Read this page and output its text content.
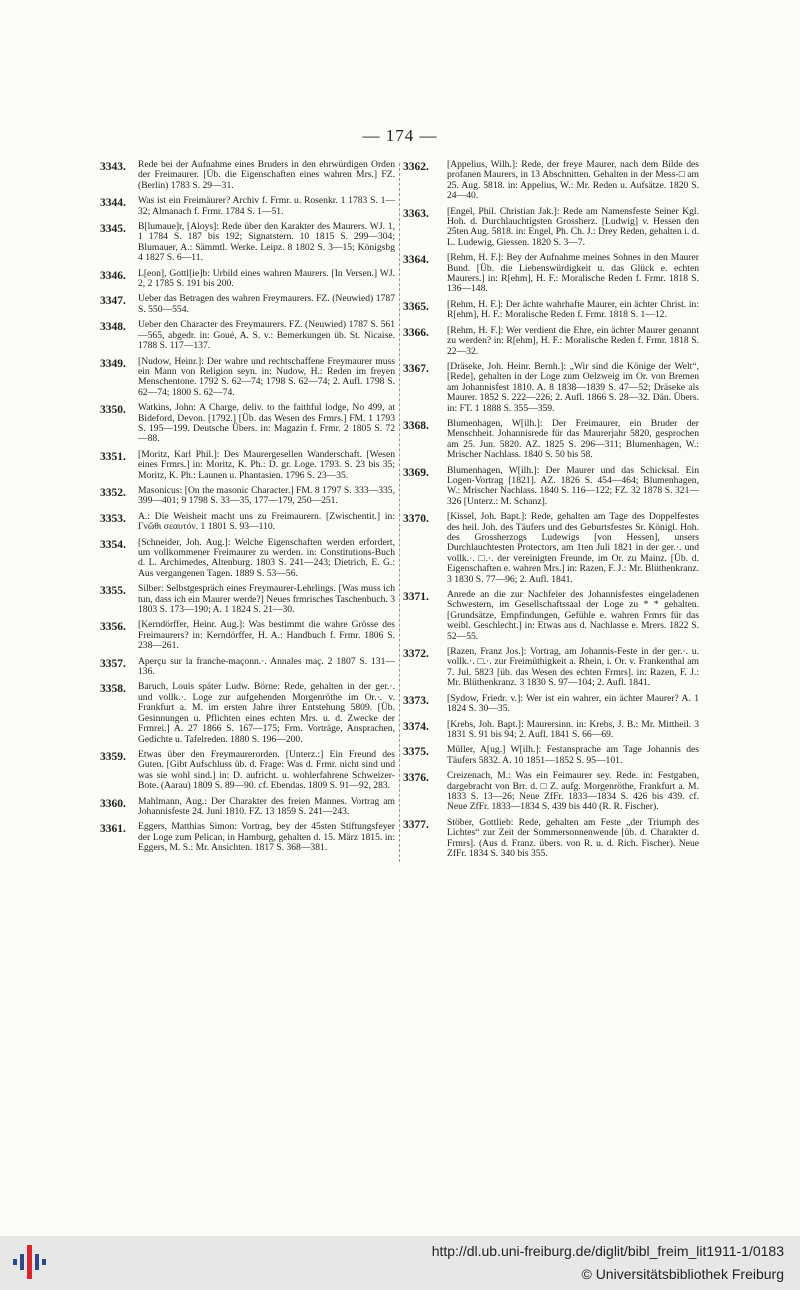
— 174 —
3343.	Rede bei der Aufnahme eines Bruders in den ehrwürdigen Orden der Freimaurer. [Üb. die Eigenschaften eines wahren Mrs.] FZ. (Berlin) 1783 S. 29—31.
3344.	Was ist ein Freimäurer? Archiv f. Frmr. u. Rosenkr. 1 1783 S. 1—32; Almanach f. Frmr. 1784 S. 1—51.
3345.	B[lumaue]r, [Aloys]: Rede über den Karakter des Maurers. WJ. 1, 1 1784 S. 187 bis 192; Signatstern. 10 1815 S. 299—304; Blumauer, A.: Sämmtl. Werke. Leipz. 8 1802 S. 3—15; Königsbg 4 1827 S. 6—11.
3346.	L[eon], Gottl[ie]b: Urbild eines wahren Maurers. [In Versen.] WJ. 2, 2 1785 S. 191 bis 200.
3347.	Ueber das Betragen des wahren Freymaurers. FZ. (Neuwied) 1787 S. 550—554.
3348.	Ueber den Character des Freymaurers. FZ. (Neuwied) 1787 S. 561—565, abgedr. in: Goué, A. S. v.: Bemerkungen üb. St. Nicaise. 1788 S. 117—137.
3349.	[Nudow, Heinr.]: Der wahre und rechtschaffene Freymaurer muss ein Mann von Religion seyn. in: Nudow, H.: Reden im freyen Menschentone. 1792 S. 62—74; 1798 S. 62—74; 2. Aufl. 1798 S. 62—74; 1800 S. 62—74.
3350.	Watkins, John: A Charge, deliv. to the faithful lodge, No 499, at Bideford, Devon. [1792.] [Üb. das Wesen des Frmrs.] FM. 1 1793 S. 195—199. Deutsche Übers. in: Magazin f. Frmr. 2 1805 S. 72—88.
3351.	[Moritz, Karl Phil.]: Des Maurergesellen Wanderschaft. [Wesen eines Frmrs.] in: Moritz, K. Ph.: D. gr. Loge. 1793. S. 23 bis 35; Moritz, K. Ph.: Launen u. Phantasien. 1796 S. 23—35.
3352.	Masonicus: [On the masonic Character.] FM. 8 1797 S. 333—335, 399—401; 9 1798 S. 33—35, 177—179, 250—251.
3353.	A.: Die Weisheit macht uns zu Freimaurern. [Zwischentit.] in: Γνῶθι σεαυτόν. 1 1801 S. 93—110.
3354.	[Schneider, Joh. Aug.]: Welche Eigenschaften werden erfordert, um vollkommener Freimaurer zu werden. in: Constitutions-Buch d. L. Archimedes, Altenburg. 1803 S. 241—243; Dietrich, E. G.: Aus vergangenen Tagen. 1889 S. 53—56.
3355.	Silber: Selbstgespräch eines Freymaurer-Lehrlings. [Was muss ich tun, dass ich ein Maurer werde?] Neues frmrisches Taschenbuch. 3 1803 S. 173—190; A. 1 1824 S. 21—30.
3356.	[Kerndörffer, Heinr. Aug.]: Was bestimmt die wahre Grösse des Freimaurers? in: Kerndörffer, H. A.: Handbuch f. Frmr. 1806 S. 238—261.
3357.	Aperçu sur la franche-maçonn.·. Annales maç. 2 1807 S. 131—136.
3358.	Baruch, Louis später Ludw. Börne: Rede, gehalten in der ger.·. und vollk.·. Loge zur aufgehenden Morgenröthe im Or.·. v. Frankfurt a. M. im ersten Jahre ihrer Entstehung 5809. [Üb. Gesinnungen u. Pflichten eines echten Mrs. u. d. Zwecke der Frmrei.] A. 27 1866 S. 167—175; Frm. Vorträge, Ansprachen, Gedichte u. Tafelreden. 1880 S. 196—200.
3359.	Etwas über den Freymaurerorden. [Unterz.:] Ein Freund des Guten. [Gibt Aufschluss üb. d. Frage: Was d. Frmr. nicht sind und was sie wohl sind.] in: D. aufricht. u. wohlerfahrene Schweizer-Bote. (Aarau) 1809 S. 89—90. cf. Ebendas. 1809 S. 91—92, 283.
3360.	Mahlmann, Aug.: Der Charakter des freien Mannes. Vortrag am Johannisfeste 24. Juni 1810. FZ. 13 1859 S. 241—243.
3361.	Eggers, Matthias Simon: Vortrag, bey der 45sten Stiftungsfeyer der Loge zum Pelican, in Hamburg, gehalten d. 15. März 1815. in: Eggers, M. S.: Mr. Ansichten. 1817 S. 368—381.
3362.	[Appelius, Wilh.]: Rede, der freye Maurer, nach dem Bilde des profanen Maurers, in 13 Abschnitten. Gehalten in der Mess-□ am 25. Aug. 5818. in: Appelius, W.: Mr. Reden u. Aufsätze. 1820 S. 24—40.
3363.	[Engel, Phil. Christian Jak.]: Rede am Namensfeste Seiner Kgl. Hoh. d. Durchlauchtigsten Grossherz. [Ludwig] v. Hessen den 25ten Aug. 5818. in: Engel, Ph. Ch. J.: Drey Reden, gehalten i. d. L. Ludewig, Giessen. 1820 S. 3—7.
3364.	[Rehm, H. F.]: Bey der Aufnahme meines Sohnes in den Maurer Bund. [Üb. die Liebenswürdigkeit u. das Glück e. echten Maurers.] in: R[ehm], H. F.: Moralische Reden f. Frmr. 1818 S. 136—148.
3365.	[Rehm, H. F.]: Der ächte wahrhafte Maurer, ein ächter Christ. in: R[ehm], H. F.: Moralische Reden f. Frmr. 1818 S. 1—12.
3366.	[Rehm, H. F.]: Wer verdient die Ehre, ein ächter Maurer genannt zu werden? in: R[ehm], H. F.: Moralische Reden f. Frmr. 1818 S. 22—32.
3367.	[Dräseke, Joh. Heinr. Bernh.]: „Wir sind die Könige der Welt“, [Rede], gehalten in der Loge zum Oelzweig im Or. von Bremen am Johannisfest 1810. A. 8 1838—1839 S. 47—52; Dräseke als Maurer. 1852 S. 222—226; 2. Aufl. 1866 S. 28—32. Dän. Übers. in: FT. 1 1888 S. 355—359.
3368.	Blumenhagen, W[ilh.]: Der Freimaurer, ein Bruder der Menschheit. Johannisrede für das Maurerjahr 5820, gesprochen am 25. Jun. 5820. AZ. 1825 S. 296—311; Blumenhagen, W.: Mrischer Nachlass. 1840 S. 50 bis 58.
3369.	Blumenhagen, W[ilh.]: Der Maurer und das Schicksal. Ein Logen-Vortrag [1821]. AZ. 1826 S. 454—464; Blumenhagen, W.: Mrischer Nachlass. 1840 S. 116—122; FZ. 32 1878 S. 321—326 [Unterz.: M. Schanz].
3370.	[Kissel, Joh. Bapt.]: Rede, gehalten am Tage des Doppelfestes des heil. Joh. des Täufers und des Geburtsfestes Sr. Königl. Hoh. des Grossherzogs Ludewigs [von Hessen], unsers Durchlauchtesten Protectors, am 1ten Juli 1821 in der ger.·. und vollk.·. □.·. der vereinigten Freunde, im Or. zu Mainz. [Üb. d. Eigenschaften e. wahren Mrs.] in: Razen, F. J.: Mr. Blüthenkranz. 3 1830 S. 77—96; 2. Aufl. 1841.
3371.	Anrede an die zur Nachfeier des Johannisfestes eingeladenen Schwestern, im Gesellschaftssaal der Loge zu * * gehalten. [Grundsätze, Empfindungen, Gefühle e. wahren Frmrs für das weibl. Geschlecht.] in: Etwas aus d. Nachlasse e. Mrers. 1822 S. 52—55.
3372.	[Razen, Franz Jos.]: Vortrag, am Johannis-Feste in der ger.·. u. vollk.·. □.·. zur Freimüthigkeit a. Rhein, i. Or. v. Frankenthal am 7. Jul. 5823 [üb. das Wesen des echten Frmrs]. in: Razen, F. J.: Mr. Blüthenkranz. 3 1830 S. 97—104; 2. Aufl. 1841.
3373.	[Sydow, Friedr. v.]: Wer ist ein wahrer, ein ächter Maurer? A. 1 1824 S. 30—35.
3374.	[Krebs, Joh. Bapt.]: Maurersinn. in: Krebs, J. B.: Mr. Mittheil. 3 1831 S. 91 bis 94; 2. Aufl. 1841 S. 66—69.
3375.	Müller, A[ug.] W[ilh.]: Festansprache am Tage Johannis des Täufers 5832. A. 10 1851—1852 S. 95—101.
3376.	Creizenach, M.: Was ein Feimaurer sey. Rede. in: Festgaben, dargebracht von Brr. d. □ Z. aufg. Morgenröthe, Frankfurt a. M. 1833 S. 13—26; Neue ZfFr. 1833—1834 S. 426 bis 439. cf. Neue ZfFr. 1833—1834 S. 439 bis 440 (R. R. Fischer).
3377.	Stöber, Gottlieb: Rede, gehalten am Feste „der Triumph des Lichtes“ zur Zeit der Sommersonnenwende [üb. d. Charakter d. Frmrs]. (Aus d. Franz. übers. von R. u. d. Rich. Fischer). Neue ZfFr. 1834 S. 340 bis 355.
http://dl.ub.uni-freiburg.de/diglit/bibl_freim_lit1911-1/0183
© Universitätsbibliothek Freiburg
